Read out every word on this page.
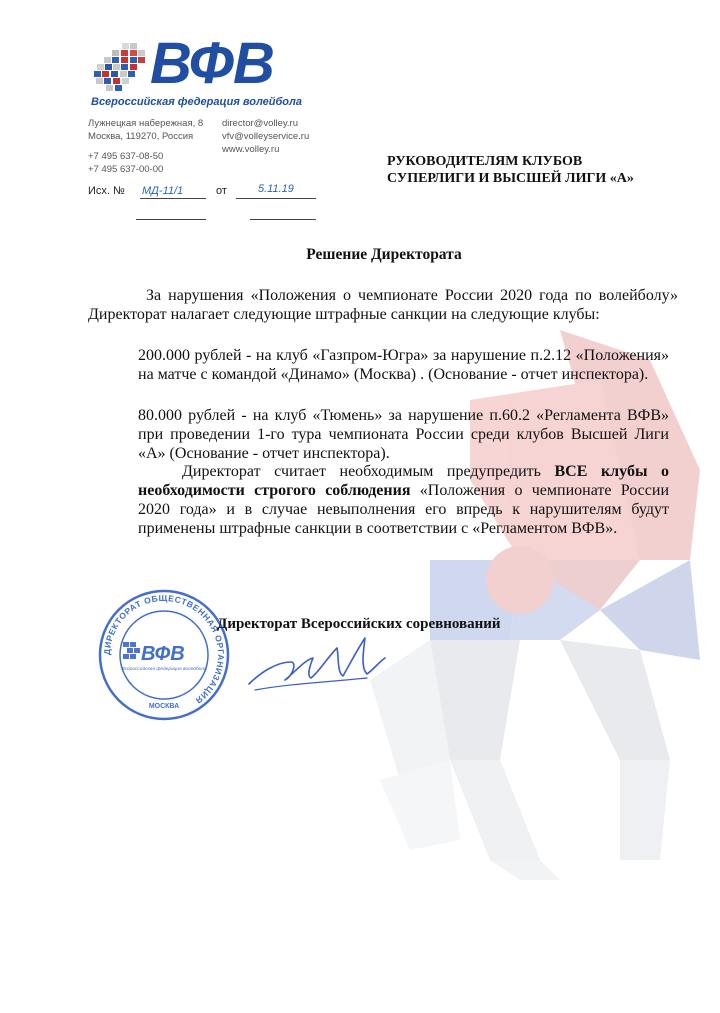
ВФВ
Всероссийская федерация волейбола
Лужнецкая набережная, 8
Москва, 119270, Россия
director@volley.ru
vfv@volleyservice.ru
www.volley.ru
+7 495 637-08-50
+7 495 637-00-00
Исх. № МД-11/1	от	5.11.19
РУКОВОДИТЕЛЯМ КЛУБОВ
СУПЕРЛИГИ И ВЫСШЕЙ ЛИГИ «А»
Решение Директората
За нарушения «Положения о чемпионате России 2020 года по волейболу» Директорат налагает следующие штрафные санкции на следующие клубы:
200.000 рублей - на клуб «Газпром-Югра» за нарушение п.2.12 «Положения» на матче с командой «Динамо» (Москва) . (Основание - отчет инспектора).
80.000 рублей - на клуб «Тюмень» за нарушение п.60.2 «Регламента ВФВ» при проведении 1-го тура чемпионата России среди клубов Высшей Лиги «А» (Основание - отчет инспектора).
Директорат считает необходимым предупредить ВСЕ клубы о необходимости строгого соблюдения «Положения о чемпионате России 2020 года» и в случае невыполнения его впредь к нарушителям будут применены штрафные санкции в соответствии с «Регламентом ВФВ».
ДИРЕКТОРАТ ОБЩЕСТВЕННАЯ ОРГАНИЗАЦИЯ
ВФВ
Всероссийская федерация волейбола
МОСКВА
Директорат Всероссийских соревнований
